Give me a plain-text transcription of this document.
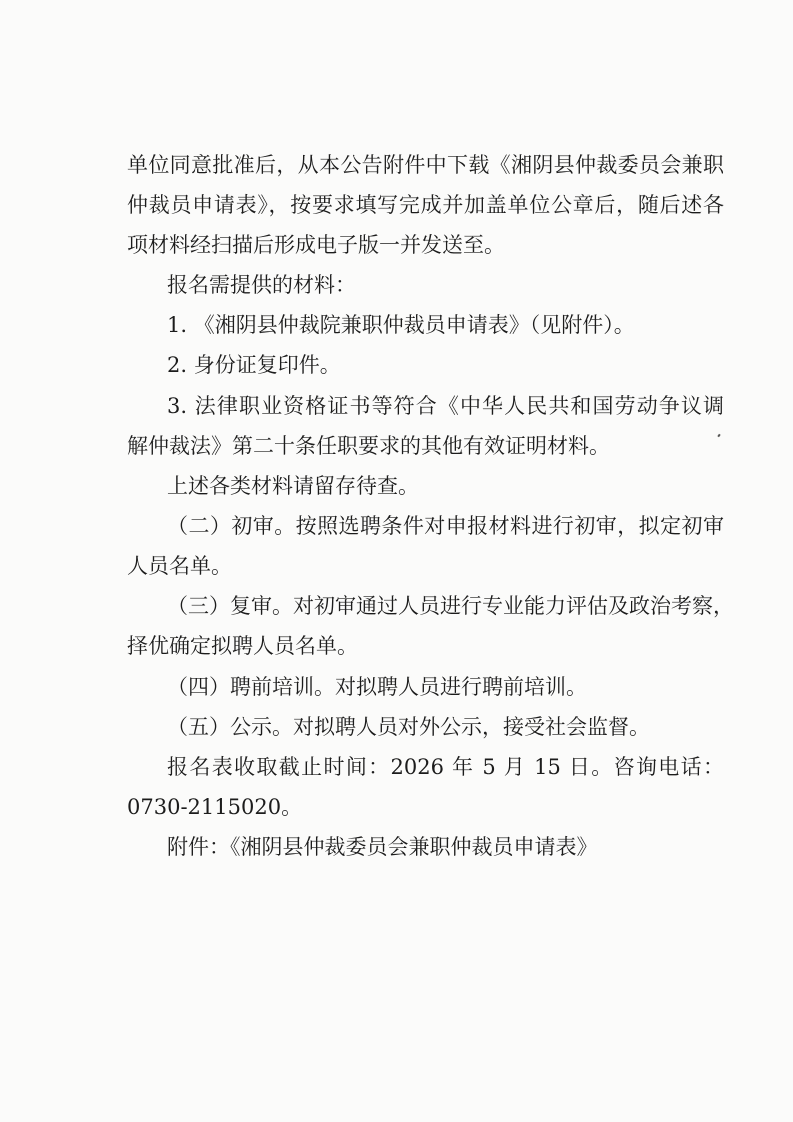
单位同意批准后，从本公告附件中下载《湘阴县仲裁委员会兼职
仲裁员申请表》，按要求填写完成并加盖单位公章后，随后述各
项材料经扫描后形成电子版一并发送至。
报名需提供的材料：
1. 《湘阴县仲裁院兼职仲裁员申请表》（见附件）。
2. 身份证复印件。
3. 法律职业资格证书等符合《中华人民共和国劳动争议调
解仲裁法》第二十条任职要求的其他有效证明材料。
上述各类材料请留存待查。
（二）初审。按照选聘条件对申报材料进行初审，拟定初审
人员名单。
（三）复审。对初审通过人员进行专业能力评估及政治考察，
择优确定拟聘人员名单。
（四）聘前培训。对拟聘人员进行聘前培训。
（五）公示。对拟聘人员对外公示，接受社会监督。
报名表收取截止时间：2026 年 5 月 15 日。咨询电话：
0730-2115020。
附件：《湘阴县仲裁委员会兼职仲裁员申请表》
